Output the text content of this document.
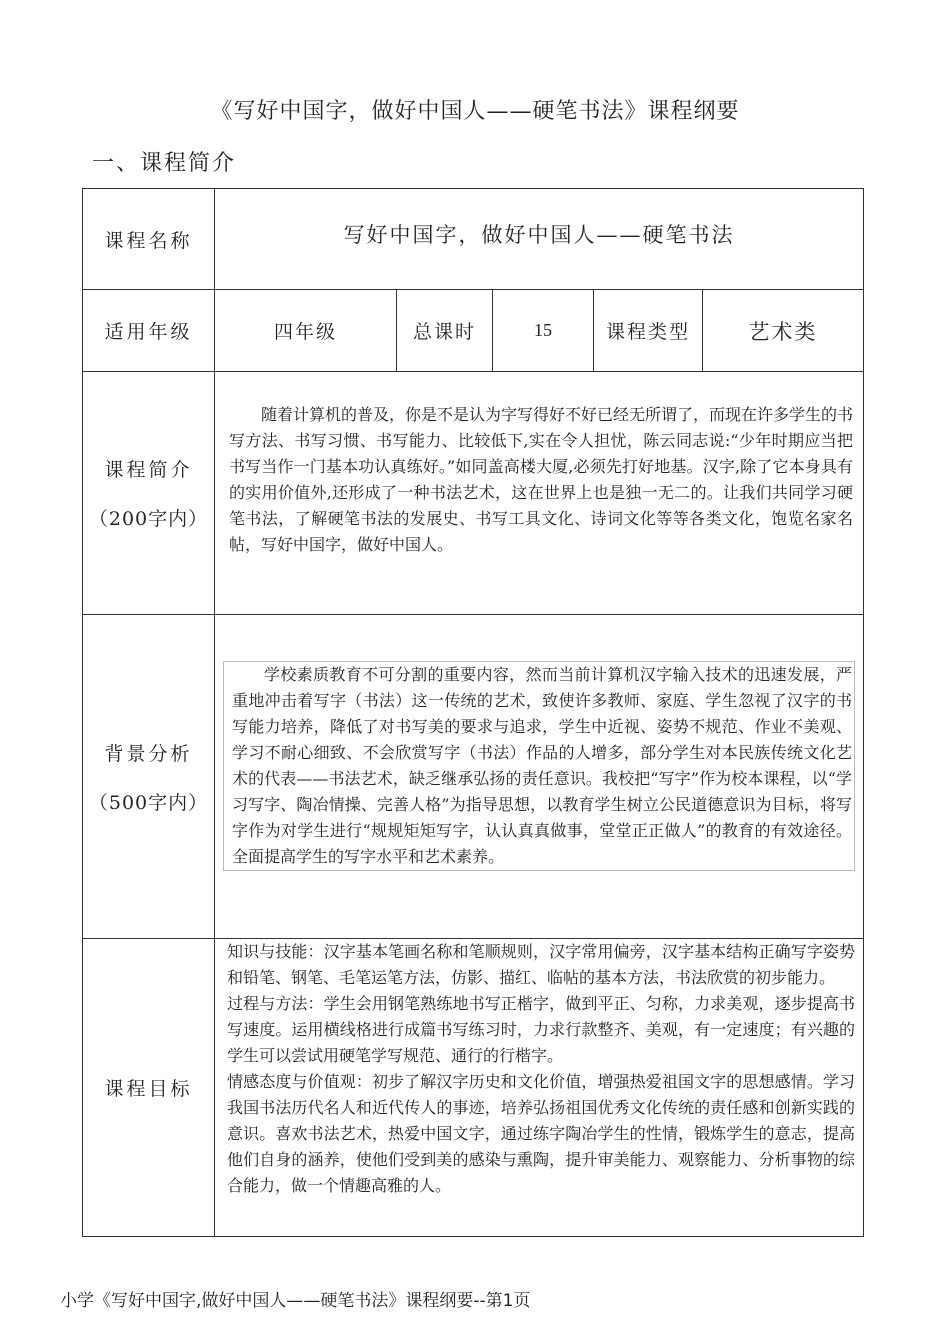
《写好中国字，做好中国人——硬笔书法》课程纲要
一、课程简介
课程名称	写好中国字，做好中国人——硬笔书法				
适用年级	四年级	总课时	15	课程类型	艺术类
课程简介
（200字内）	随着计算机的普及，你是不是认为字写得好不好已经无所谓了，而现在许多学生的书写方法、书写习惯、书写能力、比较低下,实在令人担忧，陈云同志说:“少年时期应当把书写当作一门基本功认真练好。”如同盖高楼大厦,必须先打好地基。汉字,除了它本身具有的实用价值外,还形成了一种书法艺术，这在世界上也是独一无二的。让我们共同学习硬笔书法，了解硬笔书法的发展史、书写工具文化、诗词文化等等各类文化，饱览名家名帖，写好中国字，做好中国人。				

背景分析
（500字内）	学校素质教育不可分割的重要内容，然而当前计算机汉字输入技术的迅速发展，严重地冲击着写字（书法）这一传统的艺术，致使许多教师、家庭、学生忽视了汉字的书写能力培养，降低了对书写美的要求与追求，学生中近视、姿势不规范、作业不美观、学习不耐心细致、不会欣赏写字（书法）作品的人增多，部分学生对本民族传统文化艺术的代表——书法艺术，缺乏继承弘扬的责任意识。我校把“写字”作为校本课程，以“学习写字、陶冶情操、完善人格”为指导思想，以教育学生树立公民道德意识为目标，将写字作为对学生进行“规规矩矩写字，认认真真做事，堂堂正正做人”的教育的有效途径。全面提高学生的写字水平和艺术素养。				

课程目标	知识与技能：汉字基本笔画名称和笔顺规则，汉字常用偏旁，汉字基本结构正确写字姿势和铅笔、钢笔、毛笔运笔方法，仿影、描红、临帖的基本方法，书法欣赏的初步能力。
过程与方法：学生会用钢笔熟练地书写正楷字，做到平正、匀称，力求美观，逐步提高书写速度。运用横线格进行成篇书写练习时，力求行款整齐、美观，有一定速度；有兴趣的学生可以尝试用硬笔学写规范、通行的行楷字。
情感态度与价值观：初步了解汉字历史和文化价值，增强热爱祖国文字的思想感情。学习我国书法历代名人和近代传人的事迹，培养弘扬祖国优秀文化传统的责任感和创新实践的意识。喜欢书法艺术，热爱中国文字，通过练字陶冶学生的性情，锻炼学生的意志，提高他们自身的涵养，使他们受到美的感染与熏陶，提升审美能力、观察能力、分析事物的综合能力，做一个情趣高雅的人。				
小学《写好中国字,做好中国人——硬笔书法》课程纲要--第1页
